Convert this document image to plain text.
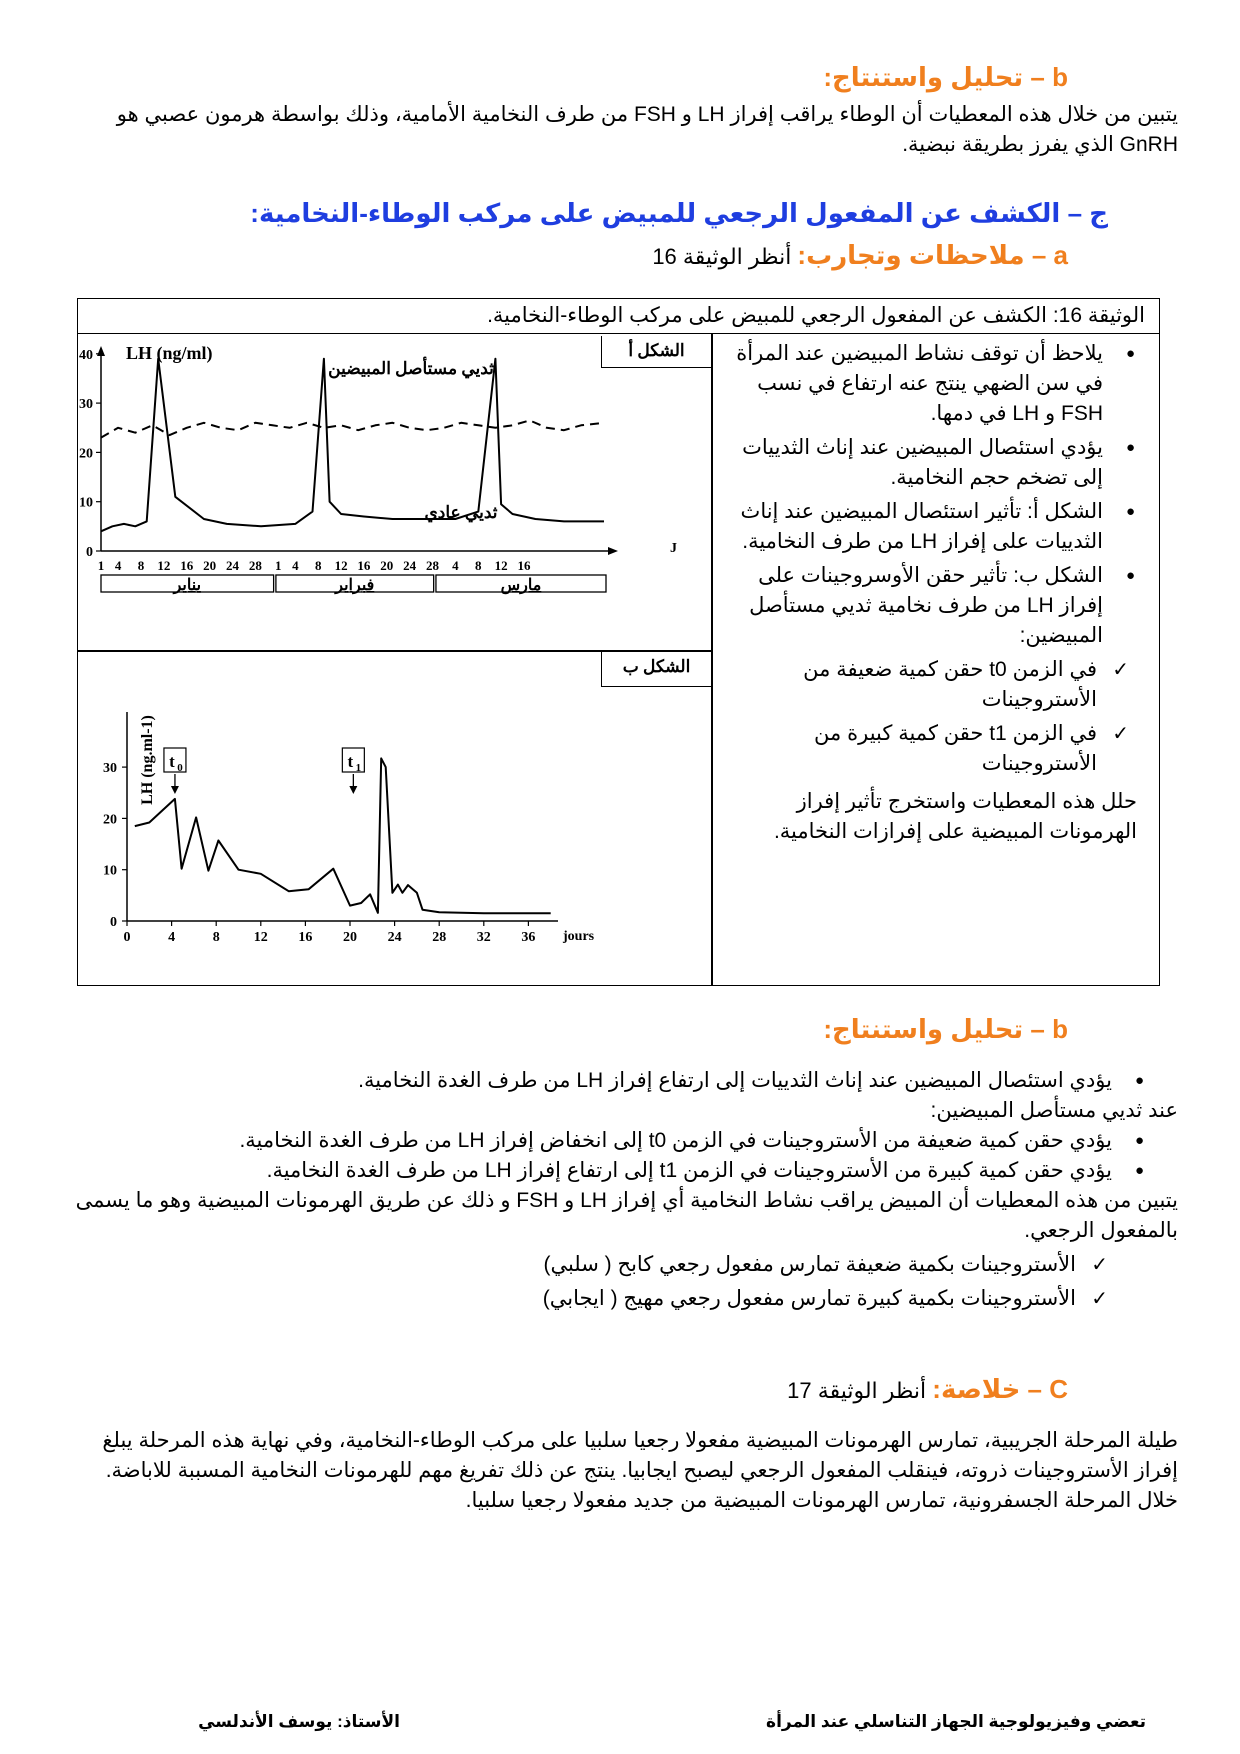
b – تحليل واستنتاج:
يتبين من خلال هذه المعطيات أن الوطاء يراقب إفراز LH و FSH من طرف النخامية الأمامية، وذلك بواسطة هرمون عصبي هو GnRH الذي يفرز بطريقة نبضية.
ج – الكشف عن المفعول الرجعي للمبيض على مركب الوطاء-النخامية:
a – ملاحظات وتجارب: أنظر الوثيقة 16
الوثيقة 16: الكشف عن المفعول الرجعي للمبيض على مركب الوطاء-النخامية.
الشكل أ
الشكل ب
LH (ng/ml)
J
0
10
20
30
40
1 4 8 12 16 20 24 28 1 4 8 12 16 20 24 28 4 8 12 16
يناير	فبراير	مارس
ثديي مستأصل المبيضين
ثديي عادي
LH (ng.ml-1)
jours
0
10
20
30
0	4	8 12 16 20 24 28 32 36
t 0	t 1
● يلاحظ أن توقف نشاط المبيضين عند المرأة في سن الضهي ينتج عنه ارتفاع في نسب FSH و LH في دمها.
● يؤدي استئصال المبيضين عند إناث الثدييات إلى تضخم حجم النخامية.
● الشكل أ: تأثير استئصال المبيضين عند إناث الثدييات على إفراز LH من طرف النخامية.
● الشكل ب: تأثير حقن الأوسروجينات على إفراز LH من طرف نخامية ثديي مستأصل المبيضين:
✓ في الزمن t0 حقن كمية ضعيفة من الأستروجينات
✓ في الزمن t1 حقن كمية كبيرة من الأستروجينات
حلل هذه المعطيات واستخرج تأثير إفراز الهرمونات المبيضية على إفرازات النخامية.
b – تحليل واستنتاج:
● يؤدي استئصال المبيضين عند إناث الثدييات إلى ارتفاع إفراز LH من طرف الغدة النخامية.
عند ثديي مستأصل المبيضين:
● يؤدي حقن كمية ضعيفة من الأستروجينات في الزمن t0 إلى انخفاض إفراز LH من طرف الغدة النخامية.
● يؤدي حقن كمية كبيرة من الأستروجينات في الزمن t1 إلى ارتفاع إفراز LH من طرف الغدة النخامية.
يتبين من هذه المعطيات أن المبيض يراقب نشاط النخامية أي إفراز LH و FSH و ذلك عن طريق الهرمونات المبيضية وهو ما يسمى بالمفعول الرجعي.
✓ الأستروجينات بكمية ضعيفة تمارس مفعول رجعي كابح ( سلبي)
✓ الأستروجينات بكمية كبيرة تمارس مفعول رجعي مهيج ( ايجابي)
C – خلاصة: أنظر الوثيقة 17
طيلة المرحلة الجريبية، تمارس الهرمونات المبيضية مفعولا رجعيا سلبيا على مركب الوطاء-النخامية، وفي نهاية هذه المرحلة يبلغ إفراز الأستروجينات ذروته، فينقلب المفعول الرجعي ليصبح ايجابيا. ينتج عن ذلك تفريغ مهم للهرمونات النخامية المسببة للاباضة.
خلال المرحلة الجسفرونية، تمارس الهرمونات المبيضية من جديد مفعولا رجعيا سلبيا.
تعضي وفيزيولوجية الجهاز التناسلي عند المرأة
الأستاذ: يوسف الأندلسي
